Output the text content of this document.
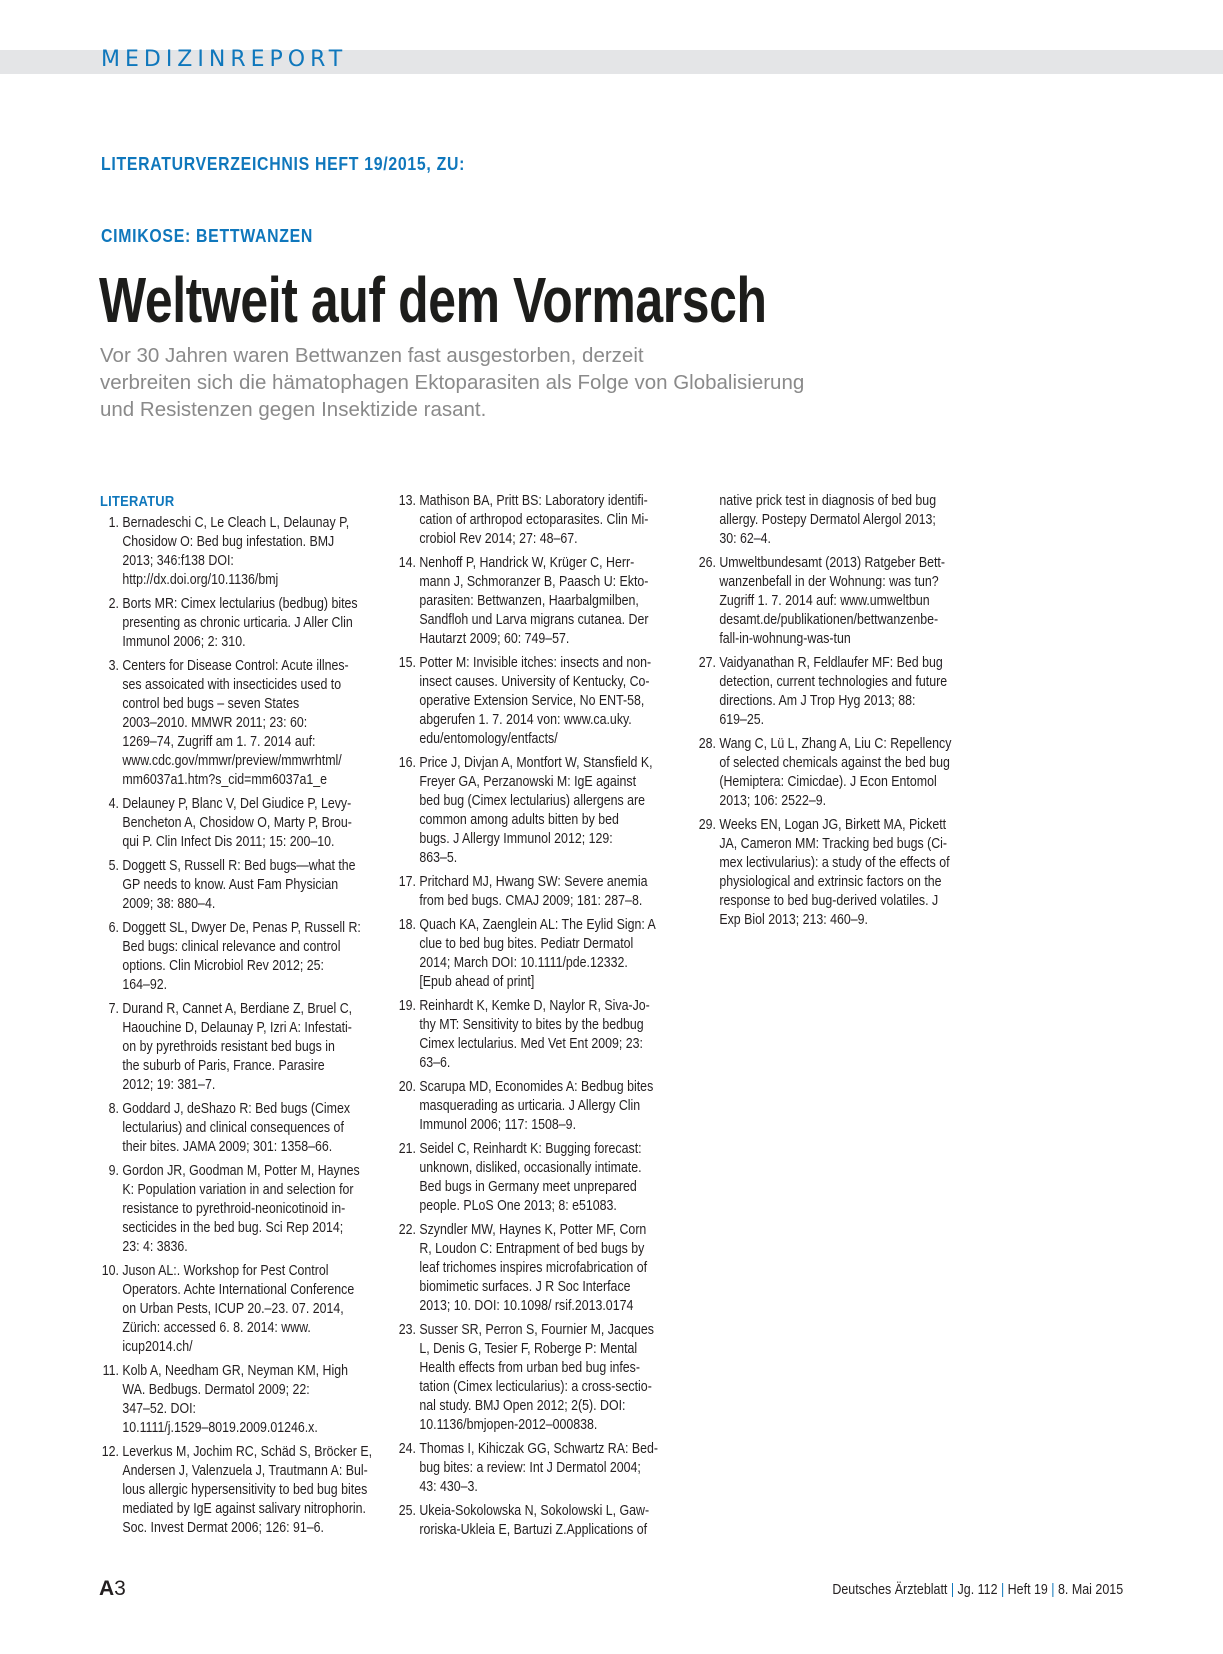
MEDIZINREPORT
LITERATURVERZEICHNIS HEFT 19/2015, ZU:
CIMIKOSE: BETTWANZEN
Weltweit auf dem Vormarsch
Vor 30 Jahren waren Bettwanzen fast ausgestorben, derzeit
verbreiten sich die hämatophagen Ektoparasiten als Folge von Globalisierung
und Resistenzen gegen Insektizide rasant.
LITERATUR
1. Bernadeschi C, Le Cleach L, Delaunay P,
Chosidow O: Bed bug infestation. BMJ
2013; 346:f138 DOI:
http://dx.doi.org/10.1136/bmj
2. Borts MR: Cimex lectularius (bedbug) bites
presenting as chronic urticaria. J Aller Clin
Immunol 2006; 2: 310.
3. Centers for Disease Control: Acute illnes-
ses assoicated with insecticides used to
control bed bugs – seven States
2003–2010. MMWR 2011; 23: 60:
1269–74, Zugriff am 1. 7. 2014 auf:
www.cdc.gov/mmwr/preview/mmwrhtml/
mm6037a1.htm?s_cid=mm6037a1_e
4. Delauney P, Blanc V, Del Giudice P, Levy-
Bencheton A, Chosidow O, Marty P, Brou-
qui P. Clin Infect Dis 2011; 15: 200–10.
5. Doggett S, Russell R: Bed bugs—what the
GP needs to know. Aust Fam Physician
2009; 38: 880–4.
6. Doggett SL, Dwyer De, Penas P, Russell R:
Bed bugs: clinical relevance and control
options. Clin Microbiol Rev 2012; 25:
164–92.
7. Durand R, Cannet A, Berdiane Z, Bruel C,
Haouchine D, Delaunay P, Izri A: Infestati-
on by pyrethroids resistant bed bugs in
the suburb of Paris, France. Parasire
2012; 19: 381–7.
8. Goddard J, deShazo R: Bed bugs (Cimex
lectularius) and clinical consequences of
their bites. JAMA 2009; 301: 1358–66.
9. Gordon JR, Goodman M, Potter M, Haynes
K: Population variation in and selection for
resistance to pyrethroid-neonicotinoid in-
secticides in the bed bug. Sci Rep 2014;
23: 4: 3836.
10. Juson AL:. Workshop for Pest Control
Operators. Achte International Conference
on Urban Pests, ICUP 20.–23. 07. 2014,
Zürich: accessed 6. 8. 2014: www.
icup2014.ch/
11. Kolb A, Needham GR, Neyman KM, High
WA. Bedbugs. Dermatol 2009; 22:
347–52. DOI:
10.1111/j.1529–8019.2009.01246.x.
12. Leverkus M, Jochim RC, Schäd S, Bröcker E,
Andersen J, Valenzuela J, Trautmann A: Bul-
lous allergic hypersensitivity to bed bug bites
mediated by IgE against salivary nitrophorin.
Soc. Invest Dermat 2006; 126: 91–6.
13. Mathison BA, Pritt BS: Laboratory identifi-
cation of arthropod ectoparasites. Clin Mi-
crobiol Rev 2014; 27: 48–67.
14. Nenhoff P, Handrick W, Krüger C, Herr-
mann J, Schmoranzer B, Paasch U: Ekto-
parasiten: Bettwanzen, Haarbalgmilben,
Sandfloh und Larva migrans cutanea. Der
Hautarzt 2009; 60: 749–57.
15. Potter M: Invisible itches: insects and non-
insect causes. University of Kentucky, Co-
operative Extension Service, No ENT-58,
abgerufen 1. 7. 2014 von: www.ca.uky.
edu/entomology/entfacts/
16. Price J, Divjan A, Montfort W, Stansfield K,
Freyer GA, Perzanowski M: IgE against
bed bug (Cimex lectularius) allergens are
common among adults bitten by bed
bugs. J Allergy Immunol 2012; 129:
863–5.
17. Pritchard MJ, Hwang SW: Severe anemia
from bed bugs. CMAJ 2009; 181: 287–8.
18. Quach KA, Zaenglein AL: The Eylid Sign: A
clue to bed bug bites. Pediatr Dermatol
2014; March DOI: 10.1111/pde.12332.
[Epub ahead of print]
19. Reinhardt K, Kemke D, Naylor R, Siva-Jo-
thy MT: Sensitivity to bites by the bedbug
Cimex lectularius. Med Vet Ent 2009; 23:
63–6.
20. Scarupa MD, Economides A: Bedbug bites
masquerading as urticaria. J Allergy Clin
Immunol 2006; 117: 1508–9.
21. Seidel C, Reinhardt K: Bugging forecast:
unknown, disliked, occasionally intimate.
Bed bugs in Germany meet unprepared
people. PLoS One 2013; 8: e51083.
22. Szyndler MW, Haynes K, Potter MF, Corn
R, Loudon C: Entrapment of bed bugs by
leaf trichomes inspires microfabrication of
biomimetic surfaces. J R Soc Interface
2013; 10. DOI: 10.1098/ rsif.2013.0174
23. Susser SR, Perron S, Fournier M, Jacques
L, Denis G, Tesier F, Roberge P: Mental
Health effects from urban bed bug infes-
tation (Cimex lecticularius): a cross-sectio-
nal study. BMJ Open 2012; 2(5). DOI:
10.1136/bmjopen-2012–000838.
24. Thomas I, Kihiczak GG, Schwartz RA: Bed-
bug bites: a review: Int J Dermatol 2004;
43: 430–3.
25. Ukeia-Sokolowska N, Sokolowski L, Gaw-
roriska-Ukleia E, Bartuzi Z.Applications of
native prick test in diagnosis of bed bug
allergy. Postepy Dermatol Alergol 2013;
30: 62–4.
26. Umweltbundesamt (2013) Ratgeber Bett-
wanzenbefall in der Wohnung: was tun?
Zugriff 1. 7. 2014 auf: www.umweltbun
desamt.de/publikationen/bettwanzenbe-
fall-in-wohnung-was-tun
27. Vaidyanathan R, Feldlaufer MF: Bed bug
detection, current technologies and future
directions. Am J Trop Hyg 2013; 88:
619–25.
28. Wang C, Lü L, Zhang A, Liu C: Repellency
of selected chemicals against the bed bug
(Hemiptera: Cimicdae). J Econ Entomol
2013; 106: 2522–9.
29. Weeks EN, Logan JG, Birkett MA, Pickett
JA, Cameron MM: Tracking bed bugs (Ci-
mex lectivularius): a study of the effects of
physiological and extrinsic factors on the
response to bed bug-derived volatiles. J
Exp Biol 2013; 213: 460–9.
A3	Deutsches Ärzteblatt | Jg. 112 | Heft 19 | 8. Mai 2015
